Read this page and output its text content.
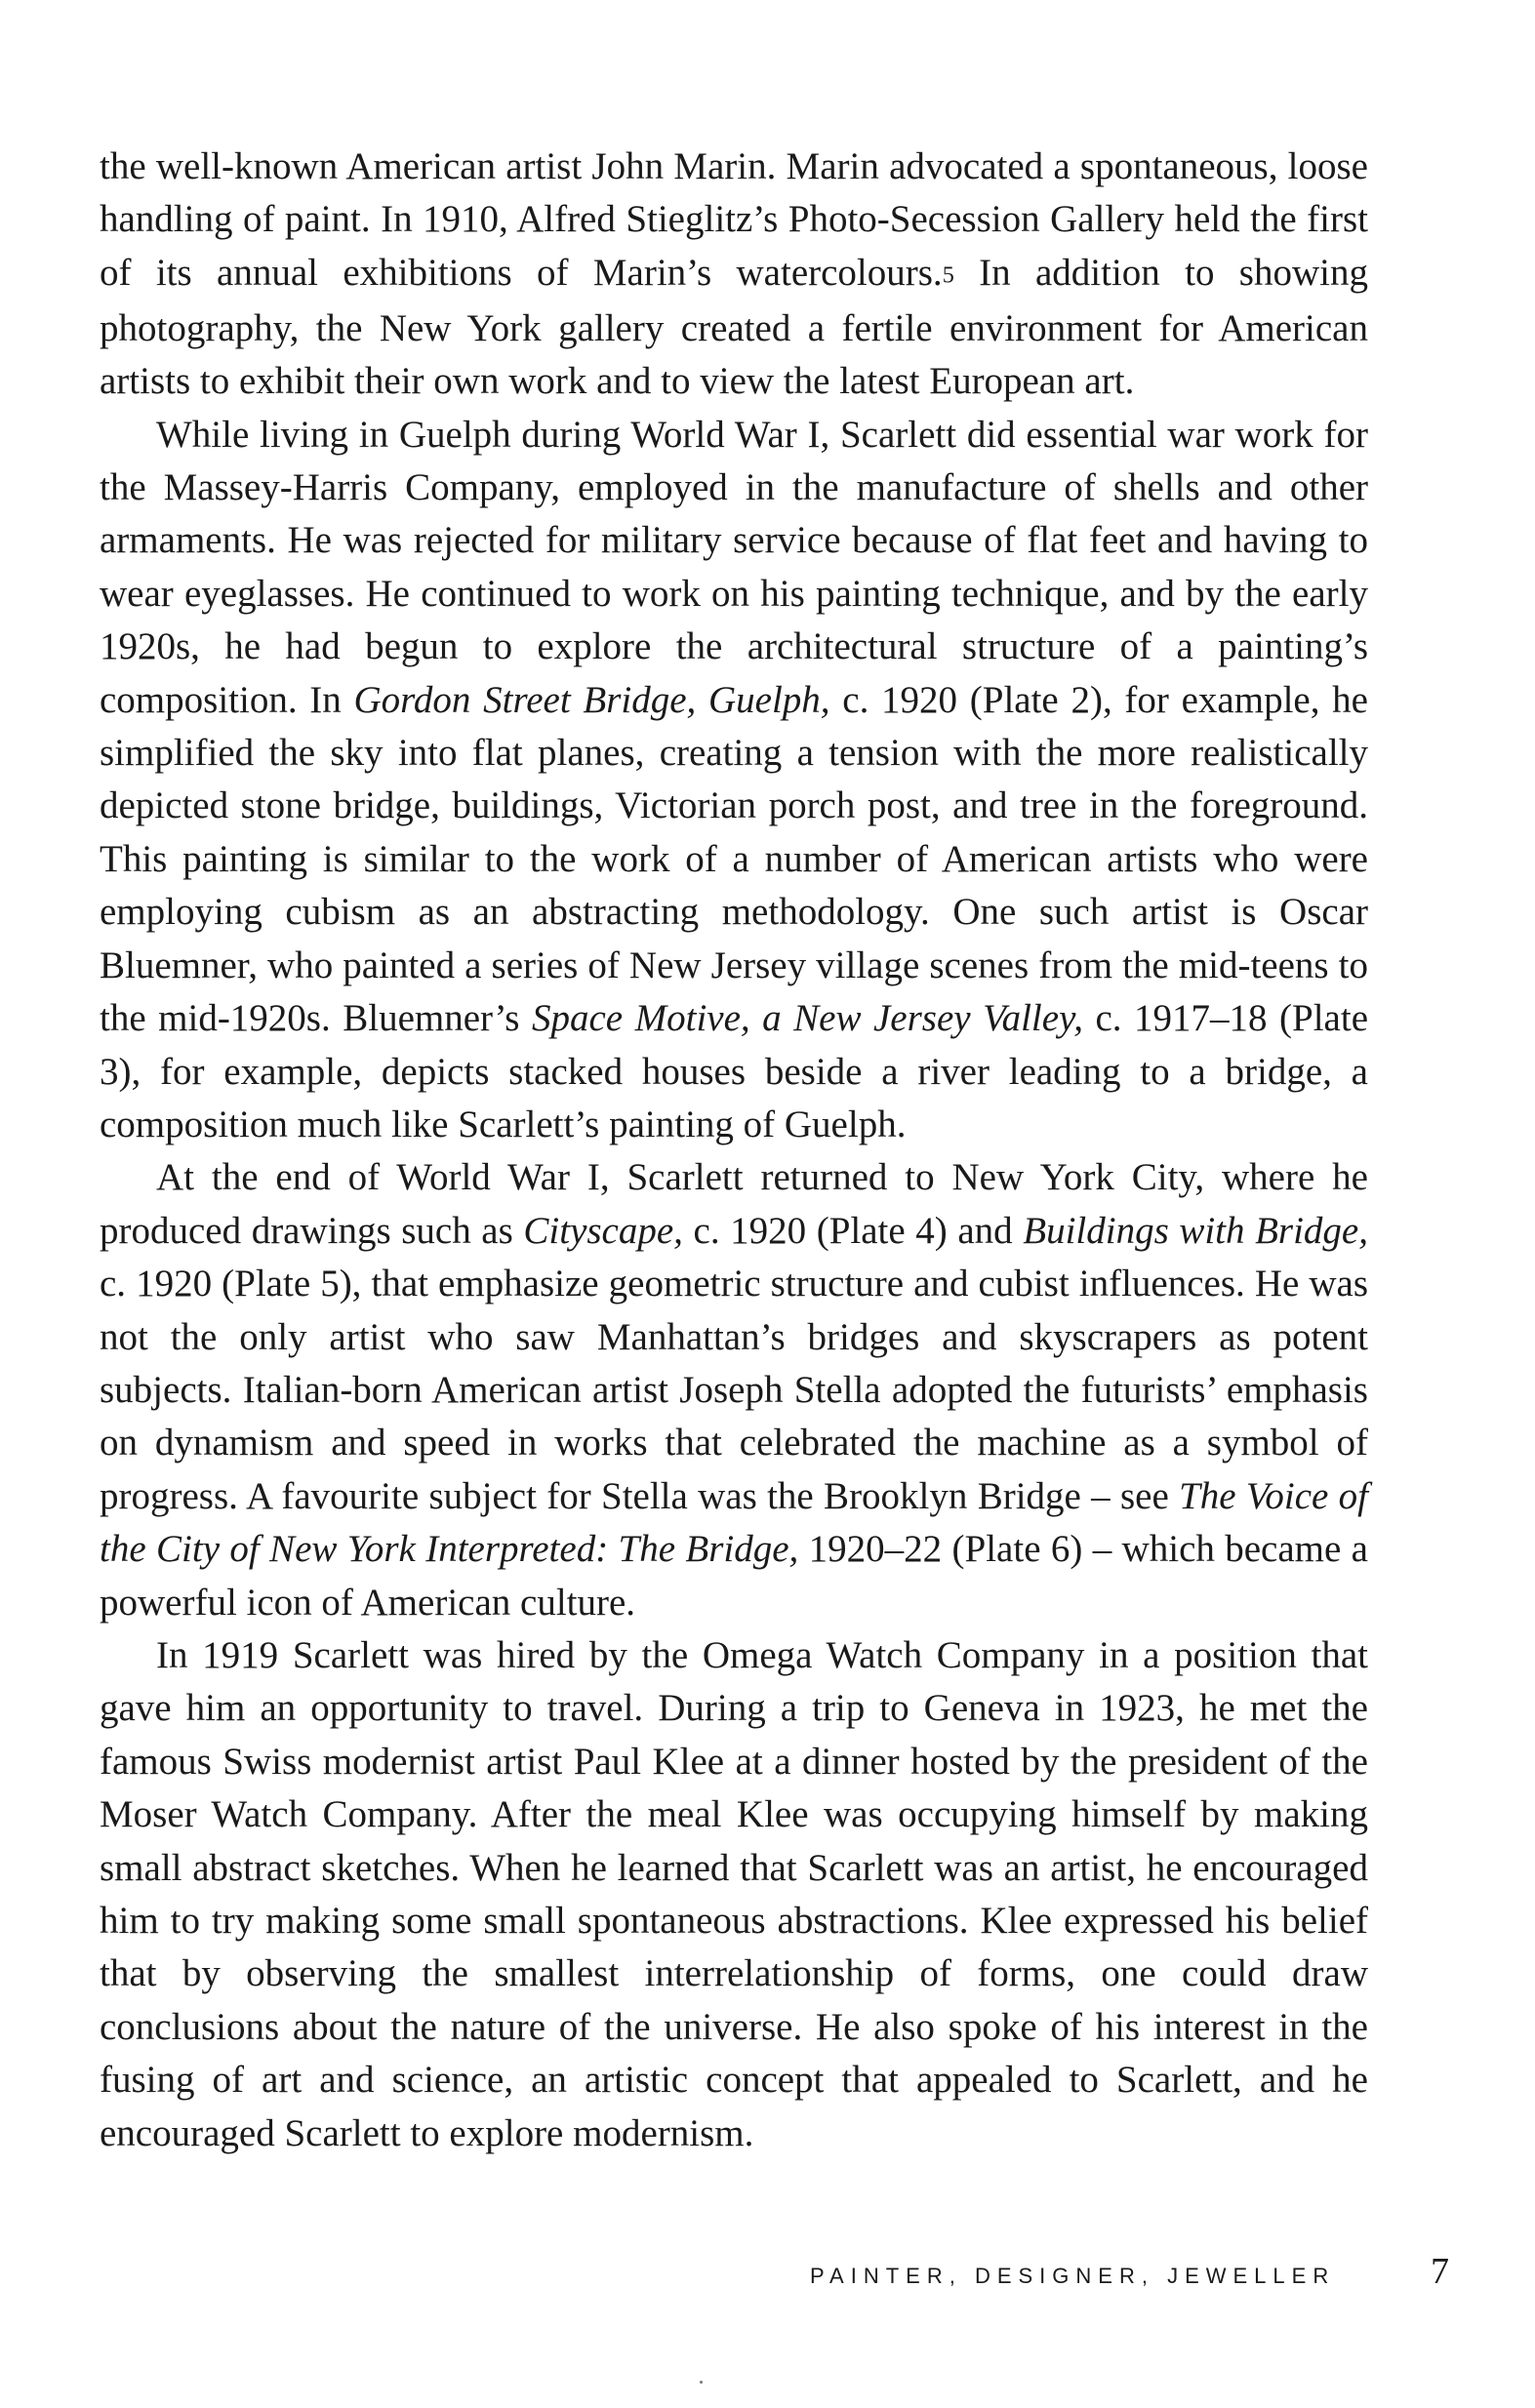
the well-known American artist John Marin. Marin advocated a spontaneous, loose handling of paint. In 1910, Alfred Stieglitz’s Photo-Secession Gallery held the first of its annual exhibitions of Marin’s watercolours.5 In addition to showing photography, the New York gallery created a fertile environment for American artists to exhibit their own work and to view the latest European art.

While living in Guelph during World War I, Scarlett did essential war work for the Massey-Harris Company, employed in the manufacture of shells and other armaments. He was rejected for military service because of flat feet and having to wear eyeglasses. He continued to work on his painting technique, and by the early 1920s, he had begun to explore the architectural structure of a painting’s composition. In Gordon Street Bridge, Guelph, c. 1920 (Plate 2), for example, he simplified the sky into flat planes, creating a tension with the more realistically depicted stone bridge, buildings, Victorian porch post, and tree in the foreground. This painting is similar to the work of a number of American artists who were employing cubism as an abstracting methodology. One such artist is Oscar Bluemner, who painted a series of New Jersey village scenes from the mid-teens to the mid-1920s. Bluemner’s Space Motive, a New Jersey Valley, c. 1917–18 (Plate 3), for example, depicts stacked houses beside a river leading to a bridge, a composition much like Scarlett’s painting of Guelph.

At the end of World War I, Scarlett returned to New York City, where he produced drawings such as Cityscape, c. 1920 (Plate 4) and Buildings with Bridge, c. 1920 (Plate 5), that emphasize geometric structure and cubist influences. He was not the only artist who saw Manhattan’s bridges and skyscrapers as potent subjects. Italian-born American artist Joseph Stella adopted the futurists’ emphasis on dynamism and speed in works that celebrated the machine as a symbol of progress. A favourite subject for Stella was the Brooklyn Bridge – see The Voice of the City of New York Interpreted: The Bridge, 1920–22 (Plate 6) – which became a powerful icon of American culture.

In 1919 Scarlett was hired by the Omega Watch Company in a position that gave him an opportunity to travel. During a trip to Geneva in 1923, he met the famous Swiss modernist artist Paul Klee at a dinner hosted by the president of the Moser Watch Company. After the meal Klee was occupying himself by making small abstract sketches. When he learned that Scarlett was an artist, he encouraged him to try making some small spontaneous abstractions. Klee expressed his belief that by observing the smallest interrelationship of forms, one could draw conclusions about the nature of the universe. He also spoke of his interest in the fusing of art and science, an artistic concept that appealed to Scarlett, and he encouraged Scarlett to explore modernism.

PAINTER, DESIGNER, JEWELLER	7
